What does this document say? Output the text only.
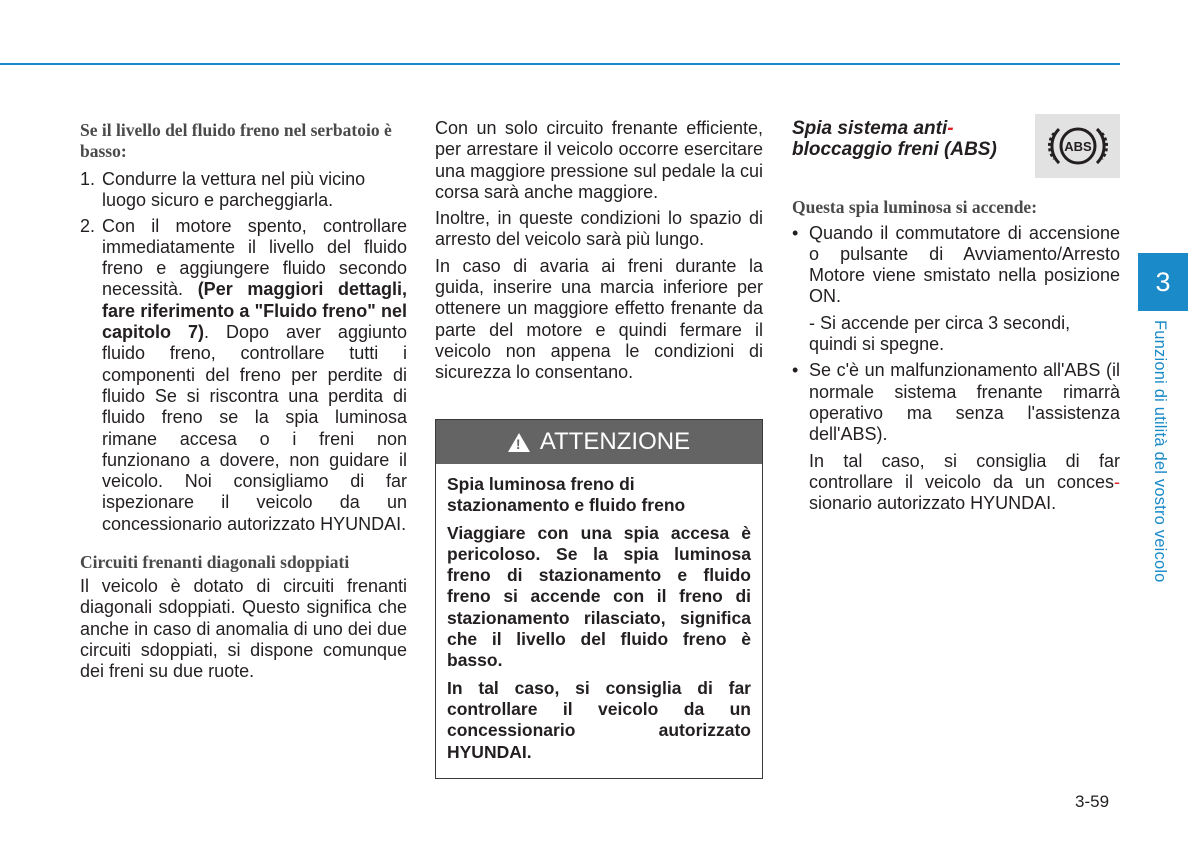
Se il livello del fluido freno nel serbatoio è basso:

1. Condurre la vettura nel più vicino luogo sicuro e parcheggiarla.
2. Con il motore spento, controllare immediatamente il livello del fluido freno e aggiungere fluido secondo necessità. (Per maggiori dettagli, fare riferimento a "Fluido freno" nel capitolo 7). Dopo aver aggiunto fluido freno, controllare tutti i componenti del freno per perdite di fluido Se si riscontra una perdita di fluido freno se la spia luminosa rimane accesa o i freni non funzionano a dovere, non guidare il veicolo. Noi consigliamo di far ispezionare il veicolo da un concessionario autorizzato HYUNDAI.

Circuiti frenanti diagonali sdoppiati

Il veicolo è dotato di circuiti frenanti diagonali sdoppiati. Questo significa che anche in caso di anomalia di uno dei due circuiti sdoppiati, si dispone comunque dei freni su due ruote.

Con un solo circuito frenante efficiente, per arrestare il veicolo occorre esercitare una maggiore pressione sul pedale la cui corsa sarà anche maggiore.

Inoltre, in queste condizioni lo spazio di arresto del veicolo sarà più lungo.

In caso di avaria ai freni durante la guida, inserire una marcia inferiore per ottenere un maggiore effetto frenante da parte del motore e quindi fermare il veicolo non appena le condizioni di sicurezza lo consentano.

! ATTENZIONE

Spia luminosa freno di stazionamento e fluido freno

Viaggiare con una spia accesa è pericoloso. Se la spia luminosa freno di stazionamento e fluido freno si accende con il freno di stazionamento rilasciato, significa che il livello del fluido freno è basso.

In tal caso, si consiglia di far controllare il veicolo da un concessionario autorizzato HYUNDAI.

Spia sistema anti-
bloccaggio freni (ABS)

Questa spia luminosa si accende:

• Quando il commutatore di accensione o pulsante di Avviamento/Arresto Motore viene smistato nella posizione ON.

- Si accende per circa 3 secondi, quindi si spegne.

• Se c'è un malfunzionamento all'ABS (il normale sistema frenante rimarrà operativo ma senza l'assistenza dell'ABS).

In tal caso, si consiglia di far controllare il veicolo da un conces-sionario autorizzato HYUNDAI.

ABS
3
Funzioni di utilità del vostro veicolo
3-59
